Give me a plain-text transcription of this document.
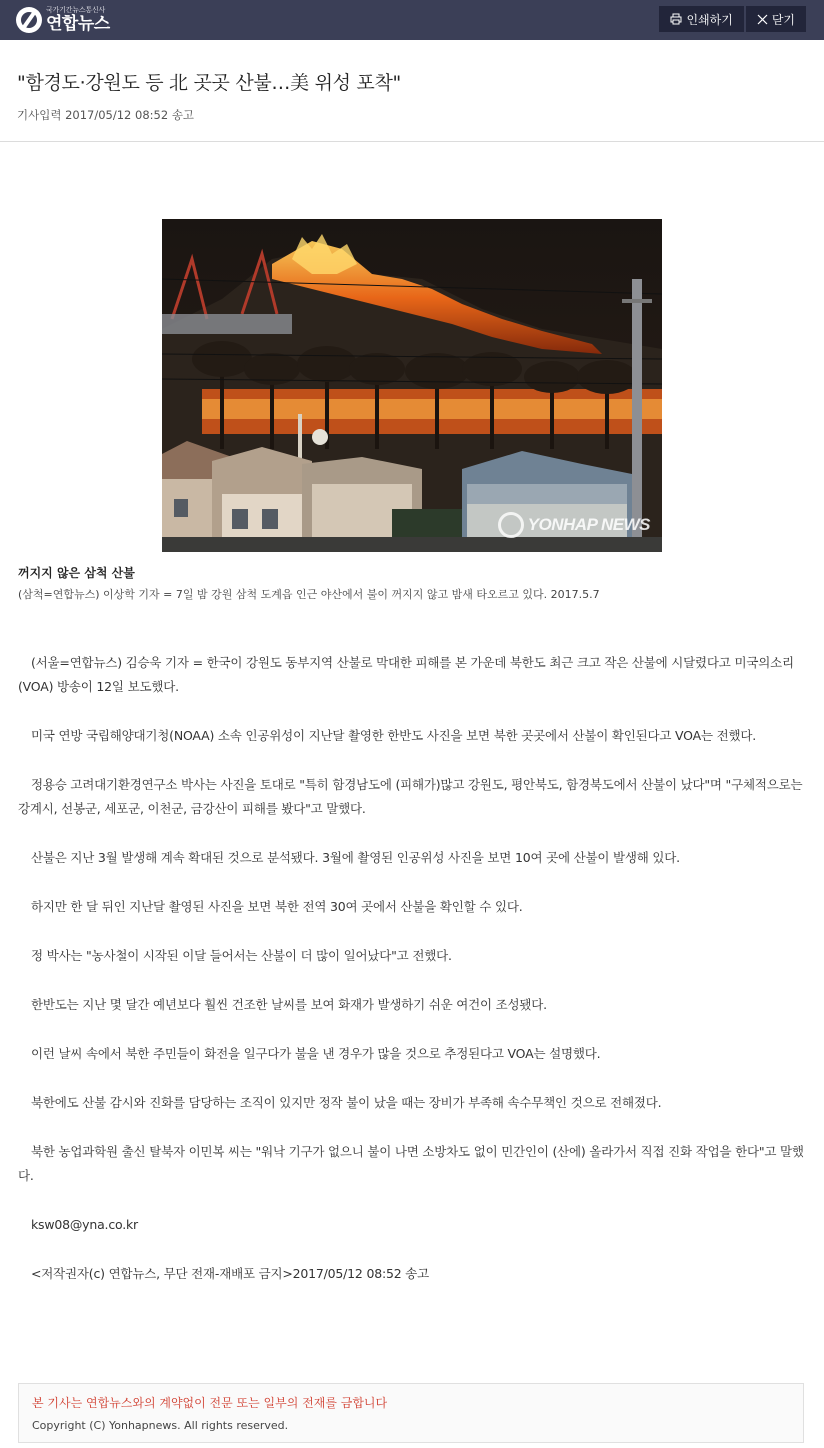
국가기간뉴스통신사
연합뉴스	인쇄하기	닫기
"함경도·강원도 등 北 곳곳 산불…美 위성 포착"
기사입력 2017/05/12 08:52 송고
YONHAP NEWS
꺼지지 않은 삼척 산불
(삼척=연합뉴스) 이상학 기자 = 7일 밤 강원 삼척 도계읍 인근 야산에서 불이 꺼지지 않고 밤새 타오르고 있다. 2017.5.7

(서울=연합뉴스) 김승욱 기자 = 한국이 강원도 동부지역 산불로 막대한 피해를 본 가운데 북한도 최근 크고 작은 산불에 시달렸다고 미국의소리(VOA) 방송이 12일 보도했다.

미국 연방 국립해양대기청(NOAA) 소속 인공위성이 지난달 촬영한 한반도 사진을 보면 북한 곳곳에서 산불이 확인된다고 VOA는 전했다.

정용승 고려대기환경연구소 박사는 사진을 토대로 "특히 함경남도에 (피해가)많고 강원도, 평안북도, 함경북도에서 산불이 났다"며 "구체적으로는 강계시, 선봉군, 세포군, 이천군, 금강산이 피해를 봤다"고 말했다.

산불은 지난 3월 발생해 계속 확대된 것으로 분석됐다. 3월에 촬영된 인공위성 사진을 보면 10여 곳에 산불이 발생해 있다.

하지만 한 달 뒤인 지난달 촬영된 사진을 보면 북한 전역 30여 곳에서 산불을 확인할 수 있다.

정 박사는 "농사철이 시작된 이달 들어서는 산불이 더 많이 일어났다"고 전했다.

한반도는 지난 몇 달간 예년보다 훨씬 건조한 날씨를 보여 화재가 발생하기 쉬운 여건이 조성됐다.

이런 날씨 속에서 북한 주민들이 화전을 일구다가 불을 낸 경우가 많을 것으로 추정된다고 VOA는 설명했다.

북한에도 산불 감시와 진화를 담당하는 조직이 있지만 정작 불이 났을 때는 장비가 부족해 속수무책인 것으로 전해졌다.

북한 농업과학원 출신 탈북자 이민복 씨는 "워낙 기구가 없으니 불이 나면 소방차도 없이 민간인이 (산에) 올라가서 직접 진화 작업을 한다"고 말했다.

ksw08@yna.co.kr

<저작권자(c) 연합뉴스, 무단 전재-재배포 금지>2017/05/12 08:52 송고

본 기사는 연합뉴스와의 계약없이 전문 또는 일부의 전재를 금합니다
Copyright (C) Yonhapnews. All rights reserved.
